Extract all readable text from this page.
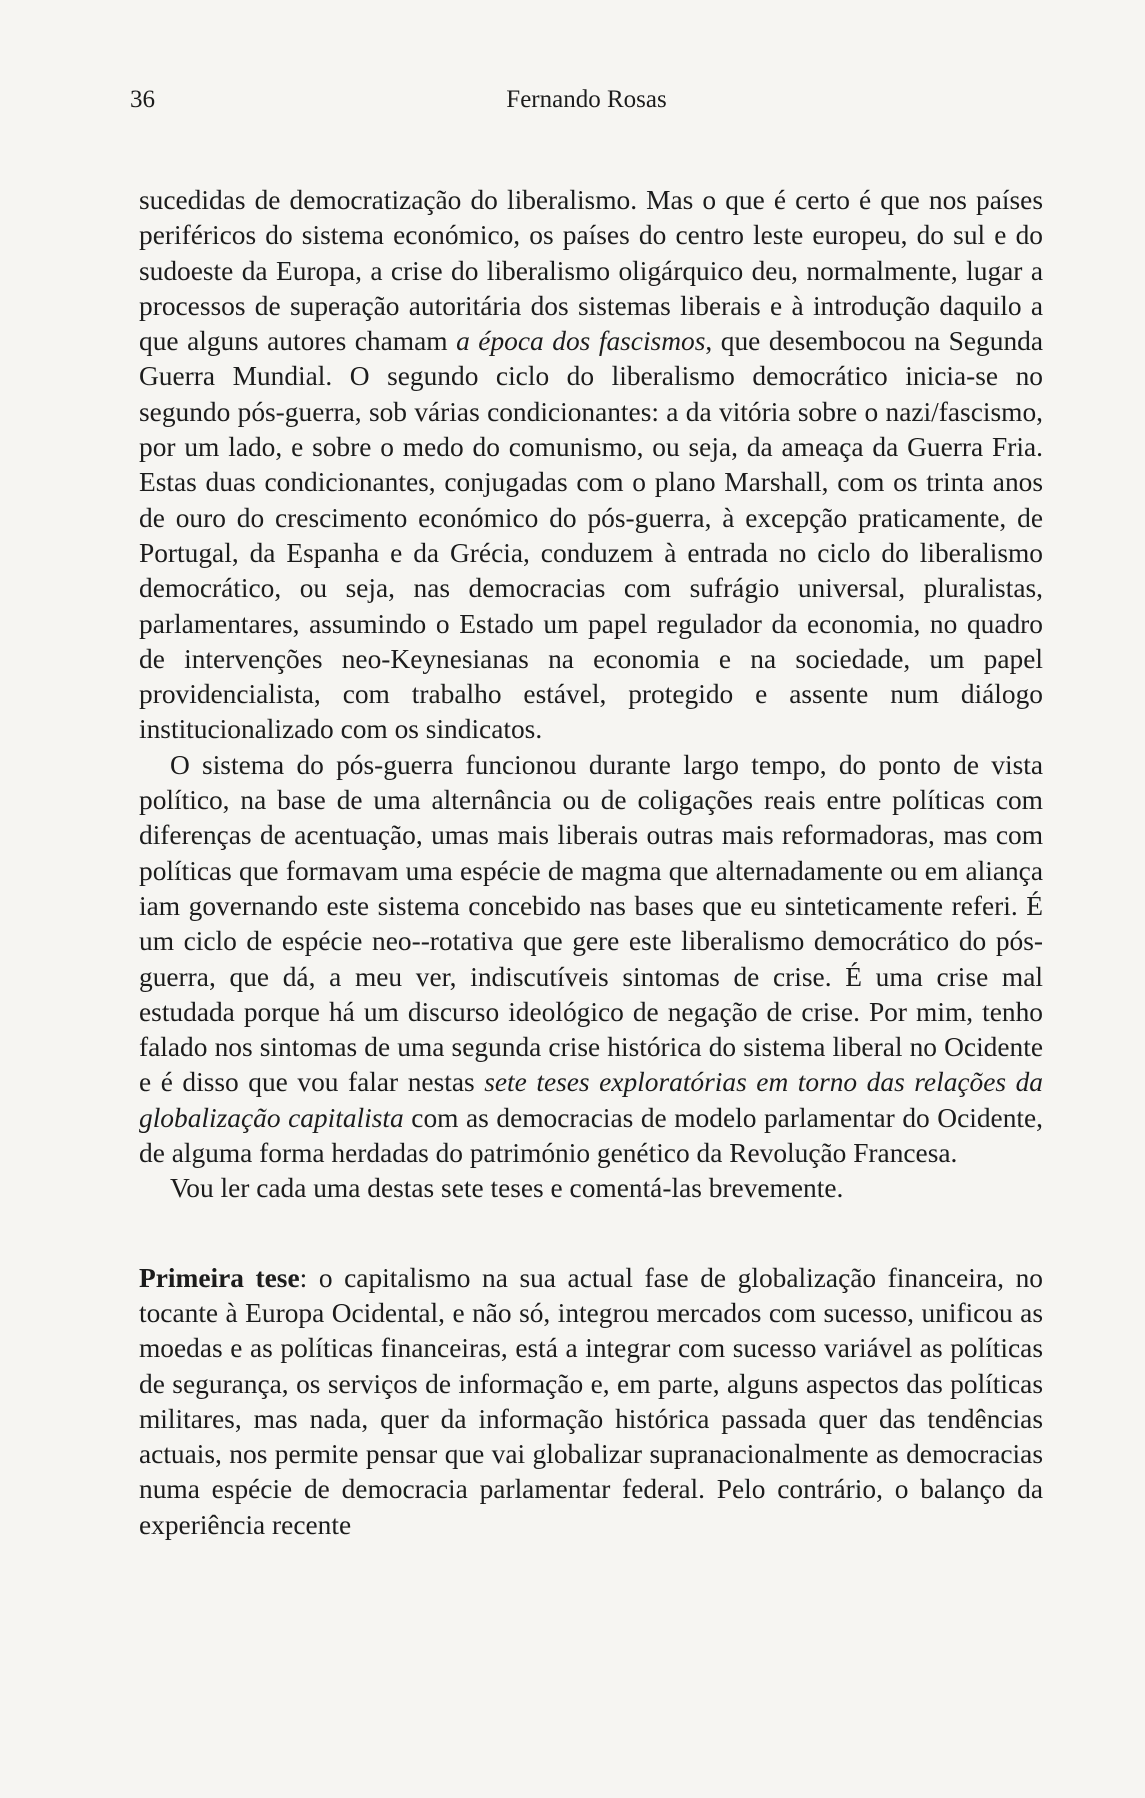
36	Fernando Rosas

sucedidas de democratização do liberalismo. Mas o que é certo é que nos países periféricos do sistema económico, os países do centro leste europeu, do sul e do sudoeste da Europa, a crise do liberalismo oligárquico deu, normalmente, lugar a processos de superação autoritária dos sistemas liberais e à introdução daquilo a que alguns autores chamam a época dos fascismos, que desembocou na Segunda Guerra Mundial. O segundo ciclo do liberalismo democrático inicia-se no segundo pós-guerra, sob várias condicionantes: a da vitória sobre o nazi/fascismo, por um lado, e sobre o medo do comunismo, ou seja, da ameaça da Guerra Fria. Estas duas condicionantes, conjugadas com o plano Marshall, com os trinta anos de ouro do crescimento económico do pós-guerra, à excepção praticamente, de Portugal, da Espanha e da Grécia, conduzem à entrada no ciclo do liberalismo democrático, ou seja, nas democracias com sufrágio universal, pluralistas, parlamentares, assumindo o Estado um papel regulador da economia, no quadro de intervenções neo-Keynesianas na economia e na sociedade, um papel providencialista, com trabalho estável, protegido e assente num diálogo institucionalizado com os sindicatos.

O sistema do pós-guerra funcionou durante largo tempo, do ponto de vista político, na base de uma alternância ou de coligações reais entre políticas com diferenças de acentuação, umas mais liberais outras mais reformadoras, mas com políticas que formavam uma espécie de magma que alternadamente ou em aliança iam governando este sistema concebido nas bases que eu sinteticamente referi. É um ciclo de espécie neo-‑rotativa que gere este liberalismo democrático do pós-guerra, que dá, a meu ver, indiscutíveis sintomas de crise. É uma crise mal estudada porque há um discurso ideológico de negação de crise. Por mim, tenho falado nos sintomas de uma segunda crise histórica do sistema liberal no Ocidente e é disso que vou falar nestas sete teses exploratórias em torno das relações da globalização capitalista com as democracias de modelo parlamentar do Ocidente, de alguma forma herdadas do património genético da Revolução Francesa.

Vou ler cada uma destas sete teses e comentá-las brevemente.

Primeira tese: o capitalismo na sua actual fase de globalização financeira, no tocante à Europa Ocidental, e não só, integrou mercados com sucesso, unificou as moedas e as políticas financeiras, está a integrar com sucesso variável as políticas de segurança, os serviços de informação e, em parte, alguns aspectos das políticas militares, mas nada, quer da informação histórica passada quer das tendências actuais, nos permite pensar que vai globalizar supranacionalmente as democracias numa espécie de democracia parlamentar federal. Pelo contrário, o balanço da experiência recente
